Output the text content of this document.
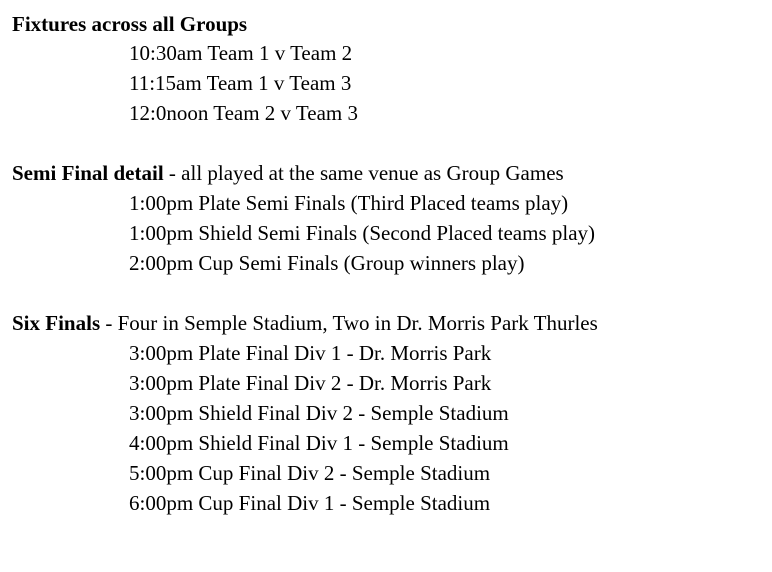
Fixtures across all Groups
10:30am Team 1 v Team 2
11:15am Team 1 v Team 3
12:0noon Team 2 v Team 3
Semi Final detail - all played at the same venue as Group Games
1:00pm Plate Semi Finals (Third Placed teams play)
1:00pm Shield Semi Finals (Second Placed teams play)
2:00pm Cup Semi Finals (Group winners play)
Six Finals - Four in Semple Stadium, Two in Dr. Morris Park Thurles
3:00pm Plate Final Div 1 - Dr. Morris Park
3:00pm Plate Final Div 2 - Dr. Morris Park
3:00pm Shield Final Div 2 - Semple Stadium
4:00pm Shield Final Div 1 - Semple Stadium
5:00pm Cup Final Div 2 - Semple Stadium
6:00pm Cup Final Div 1 - Semple Stadium
